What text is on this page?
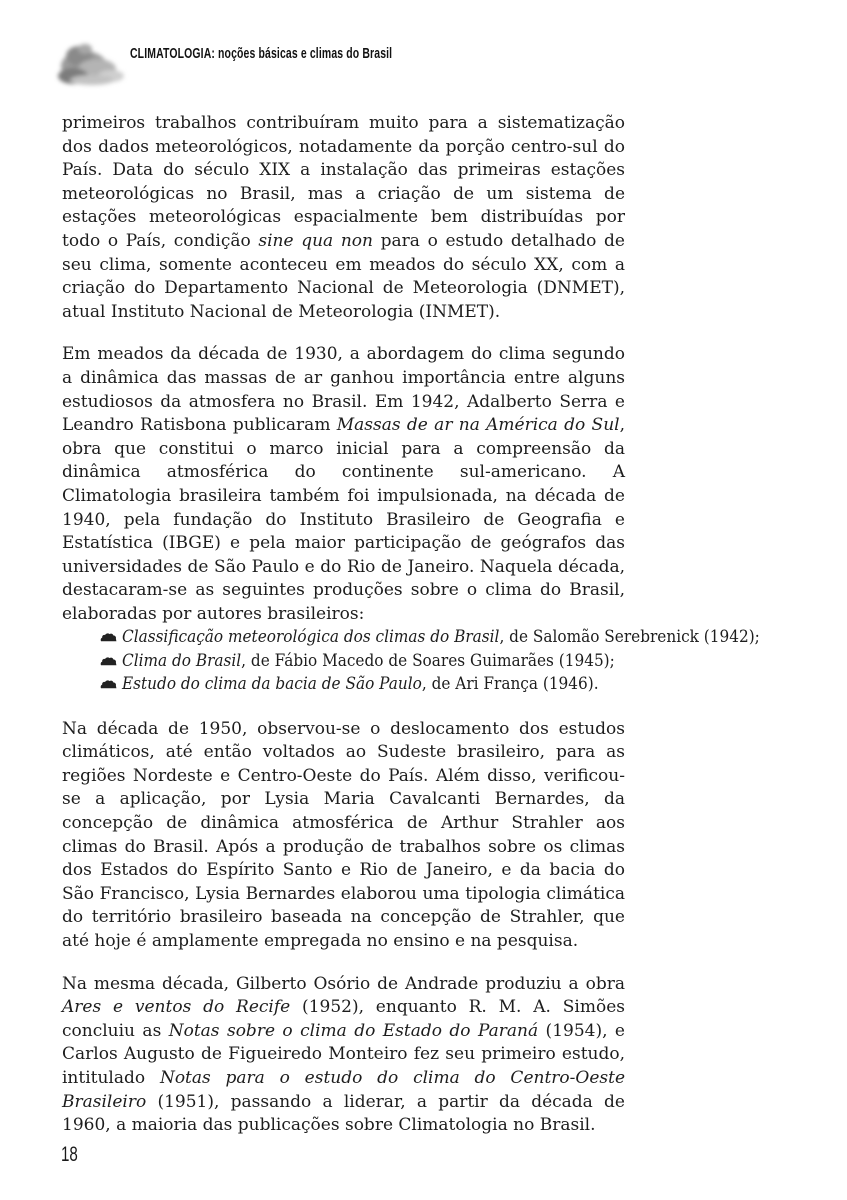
CLIMATOLOGIA: noções básicas e climas do Brasil

primeiros trabalhos contribuíram muito para a sistematização dos dados meteorológicos, notadamente da porção centro-sul do País. Data do século XIX a instalação das primeiras estações meteorológicas no Brasil, mas a criação de um sistema de estações meteorológicas espacialmente bem distribuídas por todo o País, condição sine qua non para o estudo detalhado de seu clima, somente aconteceu em meados do século XX, com a criação do Departamento Nacional de Meteorologia (DNMET), atual Instituto Nacional de Meteorologia (INMET).

Em meados da década de 1930, a abordagem do clima segundo a dinâmica das massas de ar ganhou importância entre alguns estudiosos da atmosfera no Brasil. Em 1942, Adalberto Serra e Leandro Ratisbona publicaram Massas de ar na América do Sul, obra que constitui o marco inicial para a compreensão da dinâmica atmosférica do continente sul-americano. A Climatologia brasileira também foi impulsionada, na década de 1940, pela fundação do Instituto Brasileiro de Geografia e Estatística (IBGE) e pela maior participação de geógrafos das universidades de São Paulo e do Rio de Janeiro. Naquela década, destacaram-se as seguintes produções sobre o clima do Brasil, elaboradas por autores brasileiros:

Classificação meteorológica dos climas do Brasil, de Salomão Serebrenick (1942);
Clima do Brasil, de Fábio Macedo de Soares Guimarães (1945);
Estudo do clima da bacia de São Paulo, de Ari França (1946).

Na década de 1950, observou-se o deslocamento dos estudos climáticos, até então voltados ao Sudeste brasileiro, para as regiões Nordeste e Centro-Oeste do País. Além disso, verificou-se a aplicação, por Lysia Maria Cavalcanti Bernardes, da concepção de dinâmica atmosférica de Arthur Strahler aos climas do Brasil. Após a produção de trabalhos sobre os climas dos Estados do Espírito Santo e Rio de Janeiro, e da bacia do São Francisco, Lysia Bernardes elaborou uma tipologia climática do território brasileiro baseada na concepção de Strahler, que até hoje é amplamente empregada no ensino e na pesquisa.

Na mesma década, Gilberto Osório de Andrade produziu a obra Ares e ventos do Recife (1952), enquanto R. M. A. Simões concluiu as Notas sobre o clima do Estado do Paraná (1954), e Carlos Augusto de Figueiredo Monteiro fez seu primeiro estudo, intitulado Notas para o estudo do clima do Centro-Oeste Brasileiro (1951), passando a liderar, a partir da década de 1960, a maioria das publicações sobre Climatologia no Brasil.

18
